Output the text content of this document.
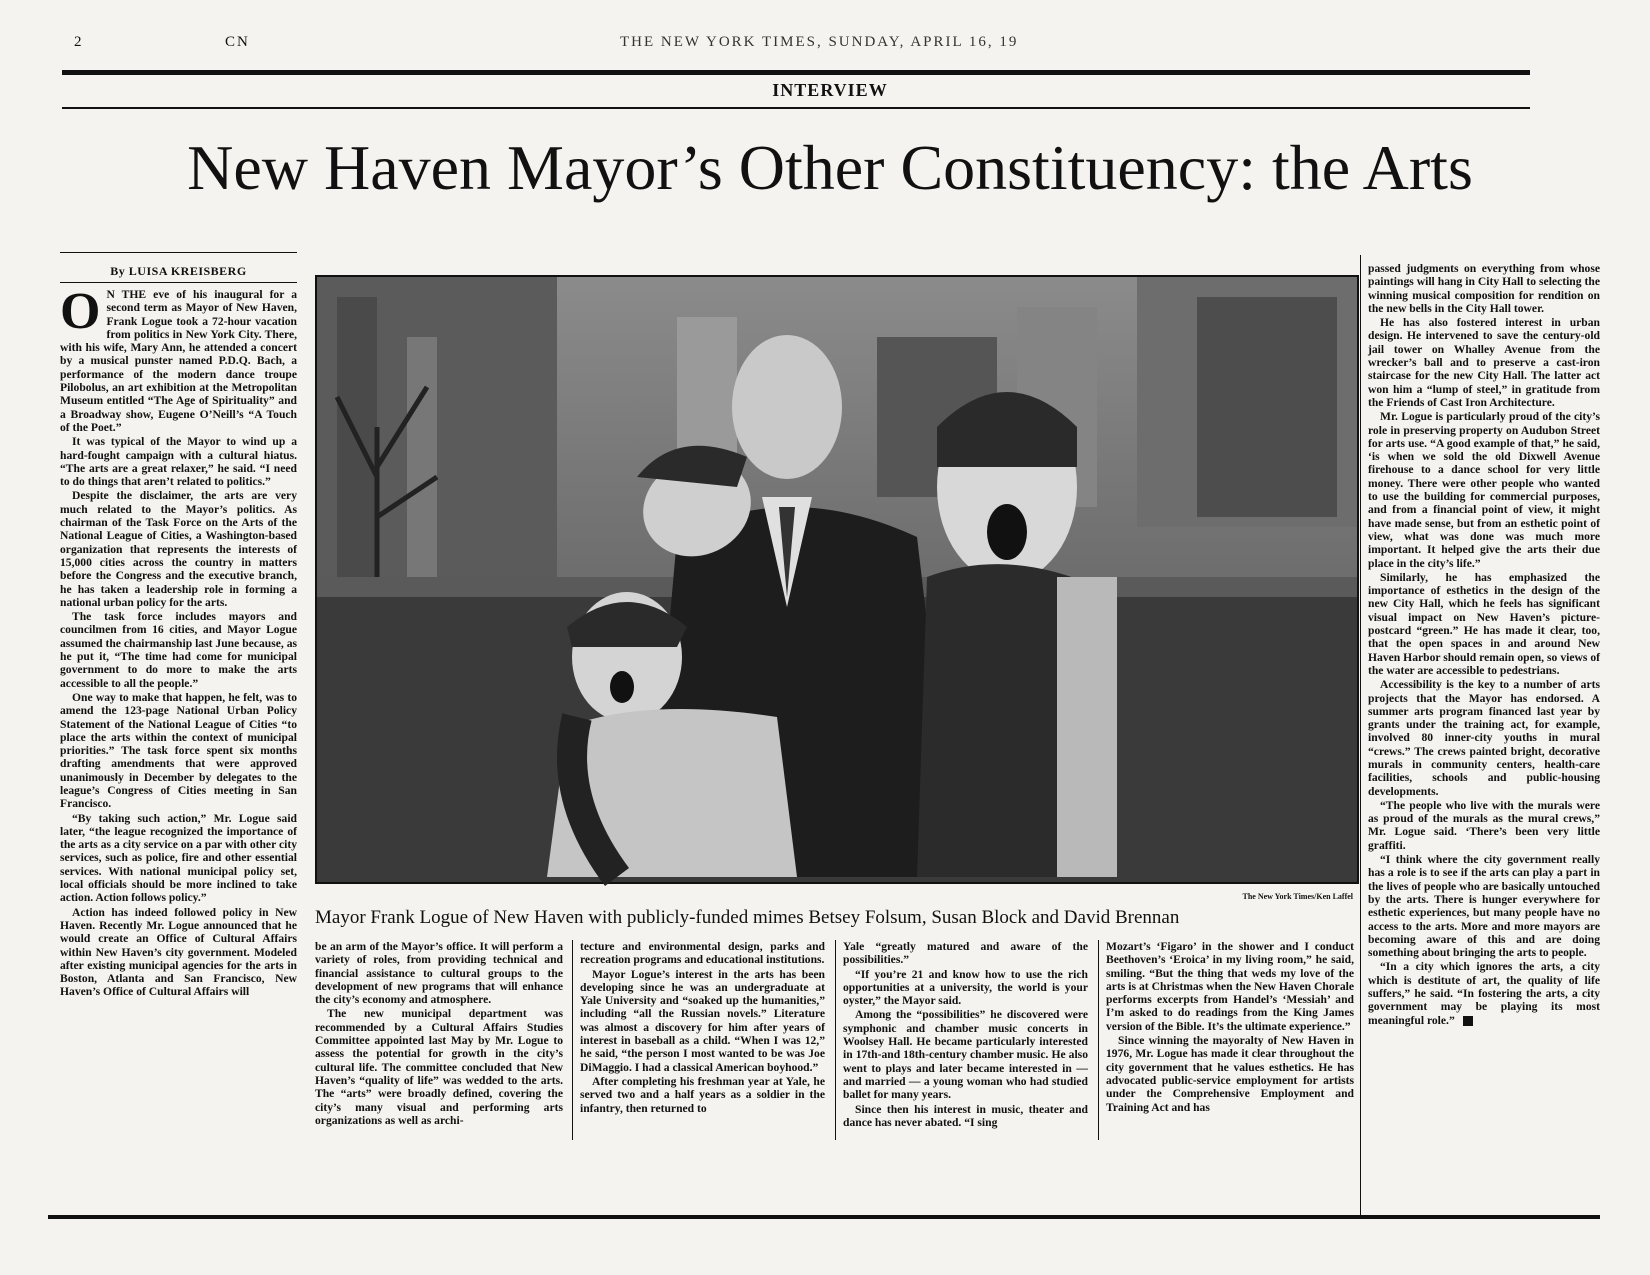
2	CN	THE NEW YORK TIMES, SUNDAY, APRIL 16, 19
INTERVIEW
New Haven Mayor’s Other Constituency: the Arts
By LUISA KREISBERG

O N THE eve of his inaugural for a second term as Mayor of New Haven, Frank Logue took a 72-hour vacation from politics in New York City. There, with his wife, Mary Ann, he attended a concert by a musical punster named P.D.Q. Bach, a performance of the modern dance troupe Pilobolus, an art exhibition at the Metropolitan Museum entitled “The Age of Spirituality” and a Broadway show, Eugene O’Neill’s “A Touch of the Poet.”

It was typical of the Mayor to wind up a hard-fought campaign with a cultural hiatus. “The arts are a great relaxer,” he said. “I need to do things that aren’t related to politics.”

Despite the disclaimer, the arts are very much related to the Mayor’s politics. As chairman of the Task Force on the Arts of the National League of Cities, a Washington-based organization that represents the interests of 15,000 cities across the country in matters before the Congress and the executive branch, he has taken a leadership role in forming a national urban policy for the arts.

The task force includes mayors and councilmen from 16 cities, and Mayor Logue assumed the chairmanship last June because, as he put it, “The time had come for municipal government to do more to make the arts accessible to all the people.”

One way to make that happen, he felt, was to amend the 123-page National Urban Policy Statement of the National League of Cities “to place the arts within the context of municipal priorities.” The task force spent six months drafting amendments that were approved unanimously in December by delegates to the league’s Congress of Cities meeting in San Francisco.

“By taking such action,” Mr. Logue said later, “the league recognized the importance of the arts as a city service on a par with other city services, such as police, fire and other essential services. With national municipal policy set, local officials should be more inclined to take action. Action follows policy.”

Action has indeed followed policy in New Haven. Recently Mr. Logue announced that he would create an Office of Cultural Affairs within New Haven’s city government. Modeled after existing municipal agencies for the arts in Boston, Atlanta and San Francisco, New Haven’s Office of Cultural Affairs will

The New York Times/Ken Laffel
Mayor Frank Logue of New Haven with publicly-funded mimes Betsey Folsum, Susan Block and David Brennan

be an arm of the Mayor’s office. It will perform a variety of roles, from providing technical and financial assistance to cultural groups to the development of new programs that will enhance the city’s economy and atmosphere.

The new municipal department was recommended by a Cultural Affairs Studies Committee appointed last May by Mr. Logue to assess the potential for growth in the city’s cultural life. The committee concluded that New Haven’s “quality of life” was wedded to the arts. The “arts” were broadly defined, covering the city’s many visual and performing arts organizations as well as archi-

tecture and environmental design, parks and recreation programs and educational institutions.

Mayor Logue’s interest in the arts has been developing since he was an undergraduate at Yale University and “soaked up the humanities,” including “all the Russian novels.” Literature was almost a discovery for him after years of interest in baseball as a child. “When I was 12,” he said, “the person I most wanted to be was Joe DiMaggio. I had a classical American boyhood.”

After completing his freshman year at Yale, he served two and a half years as a soldier in the infantry, then returned to

Yale “greatly matured and aware of the possibilities.”

“If you’re 21 and know how to use the rich opportunities at a university, the world is your oyster,” the Mayor said.

Among the “possibilities” he discovered were symphonic and chamber music concerts in Woolsey Hall. He became particularly interested in 17th-and 18th-century chamber music. He also went to plays and later became interested in — and married — a young woman who had studied ballet for many years.

Since then his interest in music, theater and dance has never abated. “I sing

Mozart’s ‘Figaro’ in the shower and I conduct Beethoven’s ‘Eroica’ in my living room,” he said, smiling. “But the thing that weds my love of the arts is at Christmas when the New Haven Chorale performs excerpts from Handel’s ‘Messiah’ and I’m asked to do readings from the King James version of the Bible. It’s the ultimate experience.”

Since winning the mayoralty of New Haven in 1976, Mr. Logue has made it clear throughout the city government that he values esthetics. He has advocated public-service employment for artists under the Comprehensive Employment and Training Act and has

passed judgments on everything from whose paintings will hang in City Hall to selecting the winning musical composition for rendition on the new bells in the City Hall tower.

He has also fostered interest in urban design. He intervened to save the century-old jail tower on Whalley Avenue from the wrecker’s ball and to preserve a cast-iron staircase for the new City Hall. The latter act won him a “lump of steel,” in gratitude from the Friends of Cast Iron Architecture.

Mr. Logue is particularly proud of the city’s role in preserving property on Audubon Street for arts use. “A good example of that,” he said, ‘is when we sold the old Dixwell Avenue firehouse to a dance school for very little money. There were other people who wanted to use the building for commercial purposes, and from a financial point of view, it might have made sense, but from an esthetic point of view, what was done was much more important. It helped give the arts their due place in the city’s life.”

Similarly, he has emphasized the importance of esthetics in the design of the new City Hall, which he feels has significant visual impact on New Haven’s picture-postcard “green.” He has made it clear, too, that the open spaces in and around New Haven Harbor should remain open, so views of the water are accessible to pedestrians.

Accessibility is the key to a number of arts projects that the Mayor has endorsed. A summer arts program financed last year by grants under the training act, for example, involved 80 inner-city youths in mural “crews.” The crews painted bright, decorative murals in community centers, health-care facilities, schools and public-housing developments.

“The people who live with the murals were as proud of the murals as the mural crews,” Mr. Logue said. ‘There’s been very little graffiti.

“I think where the city government really has a role is to see if the arts can play a part in the lives of people who are basically untouched by the arts. There is hunger everywhere for esthetic experiences, but many people have no access to the arts. More and more mayors are becoming aware of this and are doing something about bringing the arts to people.

“In a city which ignores the arts, a city which is destitute of art, the quality of life suffers,” he said. “In fostering the arts, a city government may be playing its most meaningful role.”
